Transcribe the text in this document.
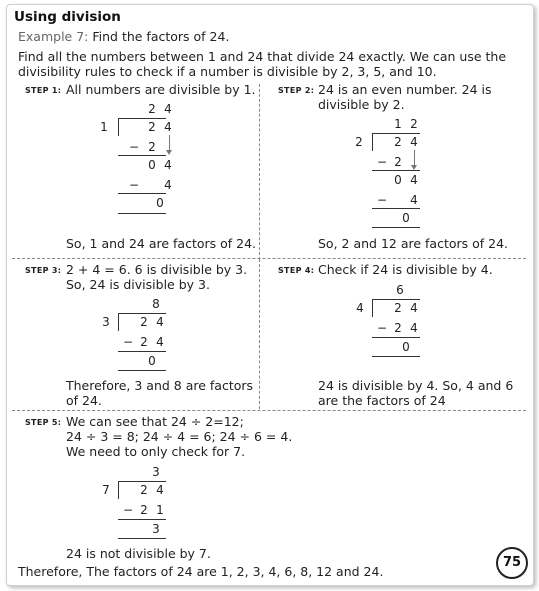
Using division
Example 7: Find the factors of 24.
Find all the numbers between 1 and 24 that divide 24 exactly. We can use the
divisibility rules to check if a number is divisible by 2, 3, 5, and 10.
STEP 1: All numbers are divisible by 1.
2 4
1	2 4
− 2
0 4
−	4
0
So, 1 and 24 are factors of 24.
STEP 2: 24 is an even number. 24 is
divisible by 2.
1 2
2	2 4
− 2
0 4
−	4
0
So, 2 and 12 are factors of 24.
STEP 3: 2 + 4 = 6. 6 is divisible by 3.
So, 24 is divisible by 3.
8
3	2 4
− 2 4
0
Therefore, 3 and 8 are factors
of 24.
STEP 4: Check if 24 is divisible by 4.
6
4	2 4
− 2 4
0
24 is divisible by 4. So, 4 and 6
are the factors of 24
STEP 5: We can see that 24 ÷ 2=12;
24 ÷ 3 = 8; 24 ÷ 4 = 6; 24 ÷ 6 = 4.
We need to only check for 7.
3
7	2 4
− 2 1
3
24 is not divisible by 7.
Therefore, The factors of 24 are 1, 2, 3, 4, 6, 8, 12 and 24.
75
